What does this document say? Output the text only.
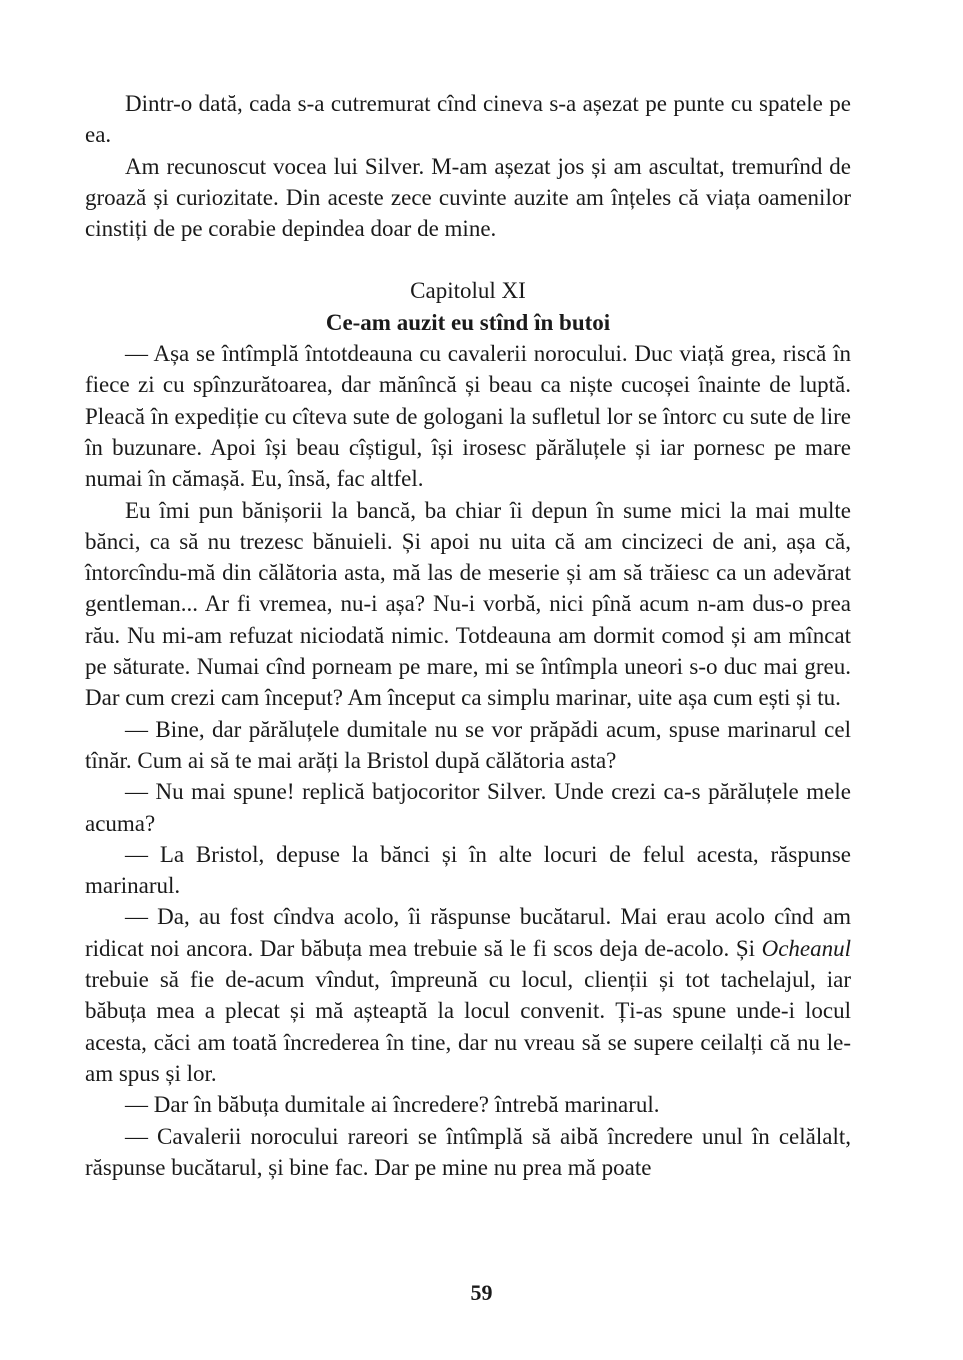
Dintr-o dată, cada s-a cutremurat cînd cineva s-a așezat pe punte cu spatele pe ea.

Am recunoscut vocea lui Silver. M-am așezat jos și am ascultat, tremurînd de groază și curiozitate. Din aceste zece cuvinte auzite am înțeles că viața oamenilor cinstiți de pe corabie depindea doar de mine.

Capitolul XI

Ce-am auzit eu stînd în butoi

— Așa se întîmplă întotdeauna cu cavalerii norocului. Duc viață grea, riscă în fiece zi cu spînzurătoarea, dar mănîncă și beau ca niște cucoșei înainte de luptă. Pleacă în expediție cu cîteva sute de gologani la sufletul lor se întorc cu sute de lire în buzunare. Apoi își beau cîștigul, își irosesc părăluțele și iar pornesc pe mare numai în cămașă. Eu, însă, fac altfel.

Eu îmi pun bănișorii la bancă, ba chiar îi depun în sume mici la mai multe bănci, ca să nu trezesc bănuieli. Și apoi nu uita că am cincizeci de ani, așa că, întorcîndu-mă din călătoria asta, mă las de meserie și am să trăiesc ca un adevărat gentleman... Ar fi vremea, nu-i așa? Nu-i vorbă, nici pînă acum n-am dus-o prea rău. Nu mi-am refuzat niciodată nimic. Totdeauna am dormit comod și am mîncat pe săturate. Numai cînd porneam pe mare, mi se întîmpla uneori s-o duc mai greu. Dar cum crezi cam început? Am început ca simplu marinar, uite așa cum ești și tu.

— Bine, dar părăluțele dumitale nu se vor prăpădi acum, spuse marinarul cel tînăr. Cum ai să te mai arăți la Bristol după călătoria asta?

— Nu mai spune! replică batjocoritor Silver. Unde crezi ca-s părăluțele mele acuma?

— La Bristol, depuse la bănci și în alte locuri de felul acesta, răspunse marinarul.

— Da, au fost cîndva acolo, îi răspunse bucătarul. Mai erau acolo cînd am ridicat noi ancora. Dar băbuța mea trebuie să le fi scos deja de-acolo. Și Ocheanul trebuie să fie de-acum vîndut, împreună cu locul, clienții și tot tachelajul, iar băbuța mea a plecat și mă așteaptă la locul convenit. Ți-as spune unde-i locul acesta, căci am toată încrederea în tine, dar nu vreau să se supere ceilalți că nu le-am spus și lor.

— Dar în băbuța dumitale ai încredere? întrebă marinarul.

— Cavalerii norocului rareori se întîmplă să aibă încredere unul în celălalt, răspunse bucătarul, și bine fac. Dar pe mine nu prea mă poate

59
